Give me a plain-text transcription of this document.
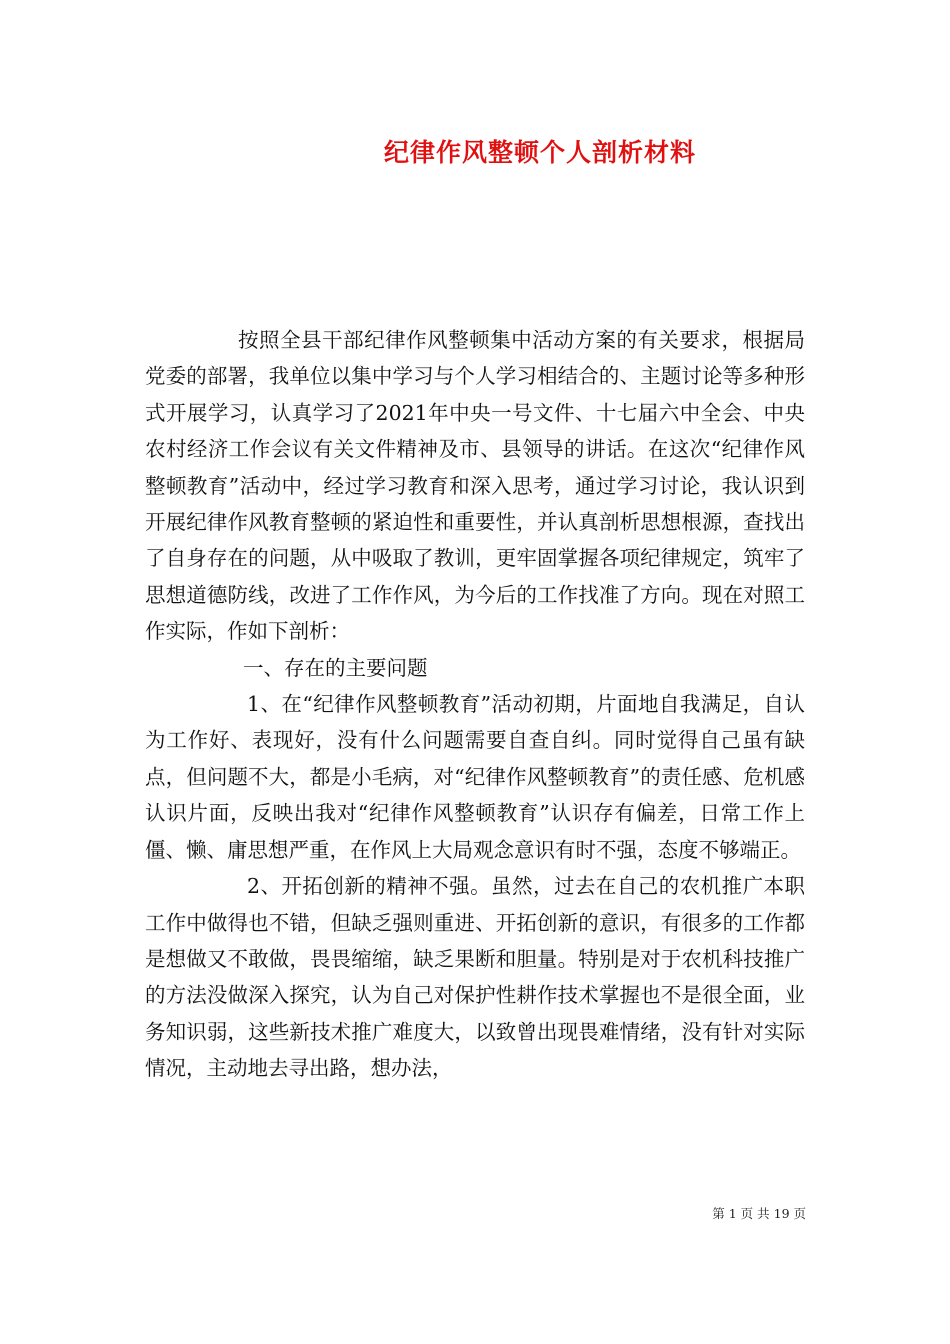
纪律作风整顿个人剖析材料

按照全县干部纪律作风整顿集中活动方案的有关要求，根据局党委的部署，我单位以集中学习与个人学习相结合的、主题讨论等多种形式开展学习，认真学习了2021年中央一号文件、十七届六中全会、中央农村经济工作会议有关文件精神及市、县领导的讲话。在这次“纪律作风整顿教育”活动中，经过学习教育和深入思考，通过学习讨论，我认识到开展纪律作风教育整顿的紧迫性和重要性，并认真剖析思想根源，查找出了自身存在的问题，从中吸取了教训，更牢固掌握各项纪律规定，筑牢了思想道德防线，改进了工作作风，为今后的工作找准了方向。现在对照工作实际，作如下剖析：

一、存在的主要问题

1、在“纪律作风整顿教育”活动初期，片面地自我满足，自认为工作好、表现好，没有什么问题需要自查自纠。同时觉得自己虽有缺点，但问题不大，都是小毛病，对“纪律作风整顿教育”的责任感、危机感认识片面，反映出我对“纪律作风整顿教育”认识存有偏差，日常工作上僵、懒、庸思想严重，在作风上大局观念意识有时不强，态度不够端正。

2、开拓创新的精神不强。虽然，过去在自己的农机推广本职工作中做得也不错，但缺乏强则重进、开拓创新的意识，有很多的工作都是想做又不敢做，畏畏缩缩，缺乏果断和胆量。特别是对于农机科技推广的方法没做深入探究，认为自己对保护性耕作技术掌握也不是很全面，业务知识弱，这些新技术推广难度大，以致曾出现畏难情绪，没有针对实际情况，主动地去寻出路，想办法，

第 1 页 共 19 页
